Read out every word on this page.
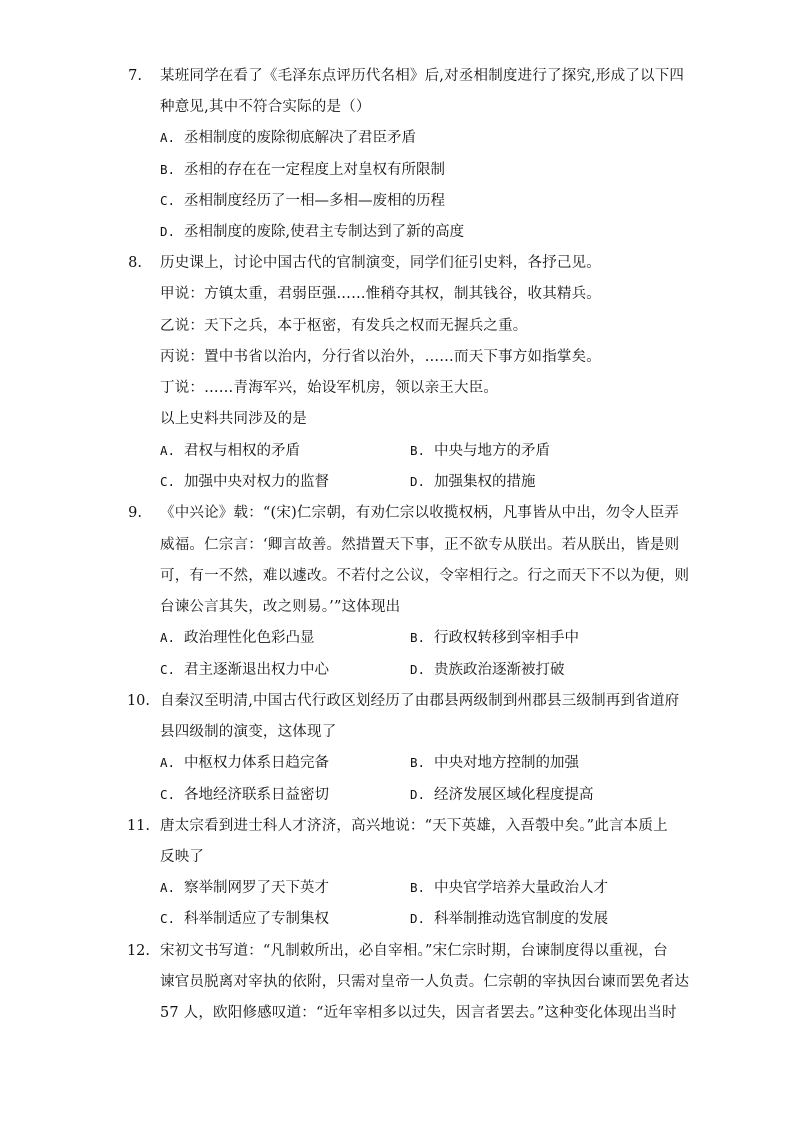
7. 某班同学在看了《毛泽东点评历代名相》后,对丞相制度进行了探究,形成了以下四
种意见,其中不符合实际的是（）
A. 丞相制度的废除彻底解决了君臣矛盾
B. 丞相的存在在一定程度上对皇权有所限制
C. 丞相制度经历了一相—多相—废相的历程
D. 丞相制度的废除,使君主专制达到了新的高度
8. 历史课上，讨论中国古代的官制演变，同学们征引史料，各抒己见。
甲说：方镇太重，君弱臣强……惟稍夺其权，制其钱谷，收其精兵。
乙说：天下之兵，本于枢密，有发兵之权而无握兵之重。
丙说：置中书省以治内，分行省以治外，……而天下事方如指掌矣。
丁说：……青海军兴，始设军机房，领以亲王大臣。
以上史料共同涉及的是
A. 君权与相权的矛盾	B. 中央与地方的矛盾
C. 加强中央对权力的监督	D. 加强集权的措施
9. 《中兴论》载：“(宋)仁宗朝，有劝仁宗以收揽权柄，凡事皆从中出，勿令人臣弄
威福。仁宗言：‘卿言故善。然措置天下事，正不欲专从朕出。若从朕出，皆是则
可，有一不然，难以遽改。不若付之公议，令宰相行之。行之而天下不以为便，则
台谏公言其失，改之则易。’”这体现出
A. 政治理性化色彩凸显	B. 行政权转移到宰相手中
C. 君主逐渐退出权力中心	D. 贵族政治逐渐被打破
10. 自秦汉至明清,中国古代行政区划经历了由郡县两级制到州郡县三级制再到省道府
县四级制的演变，这体现了
A. 中枢权力体系日趋完备	B. 中央对地方控制的加强
C. 各地经济联系日益密切	D. 经济发展区域化程度提高
11. 唐太宗看到进士科人才济济，高兴地说：“天下英雄，入吾彀中矣。”此言本质上
反映了
A. 察举制网罗了天下英才	B. 中央官学培养大量政治人才
C. 科举制适应了专制集权	D. 科举制推动选官制度的发展
12. 宋初文书写道：“凡制敕所出，必自宰相。”宋仁宗时期，台谏制度得以重视，台
谏官员脱离对宰执的依附，只需对皇帝一人负责。仁宗朝的宰执因台谏而罢免者达
57 人，欧阳修感叹道：“近年宰相多以过失，因言者罢去。”这种变化体现出当时
